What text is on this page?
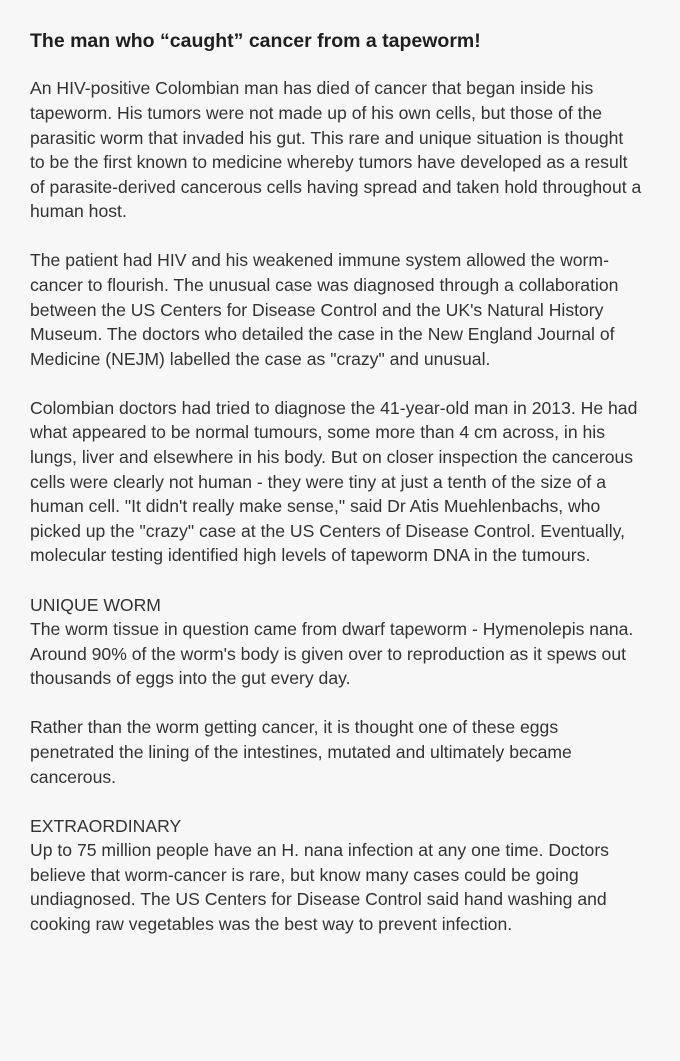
The man who “caught” cancer from a tapeworm!

An HIV-positive Colombian man has died of cancer that began inside his tapeworm. His tumors were not made up of his own cells, but those of the parasitic worm that invaded his gut. This rare and unique situation is thought to be the first known to medicine whereby tumors have developed as a result of parasite-derived cancerous cells having spread and taken hold throughout a human host.

The patient had HIV and his weakened immune system allowed the worm-cancer to flourish. The unusual case was diagnosed through a collaboration between the US Centers for Disease Control and the UK's Natural History Museum. The doctors who detailed the case in the New England Journal of Medicine (NEJM) labelled the case as "crazy" and unusual.

Colombian doctors had tried to diagnose the 41-year-old man in 2013. He had what appeared to be normal tumours, some more than 4 cm across, in his lungs, liver and elsewhere in his body. But on closer inspection the cancerous cells were clearly not human - they were tiny at just a tenth of the size of a human cell. "It didn't really make sense," said Dr Atis Muehlenbachs, who picked up the "crazy" case at the US Centers of Disease Control. Eventually, molecular testing identified high levels of tapeworm DNA in the tumours.

UNIQUE WORM
The worm tissue in question came from dwarf tapeworm - Hymenolepis nana. Around 90% of the worm's body is given over to reproduction as it spews out thousands of eggs into the gut every day.

Rather than the worm getting cancer, it is thought one of these eggs penetrated the lining of the intestines, mutated and ultimately became cancerous.

EXTRAORDINARY
Up to 75 million people have an H. nana infection at any one time. Doctors believe that worm-cancer is rare, but know many cases could be going undiagnosed. The US Centers for Disease Control said hand washing and cooking raw vegetables was the best way to prevent infection.
